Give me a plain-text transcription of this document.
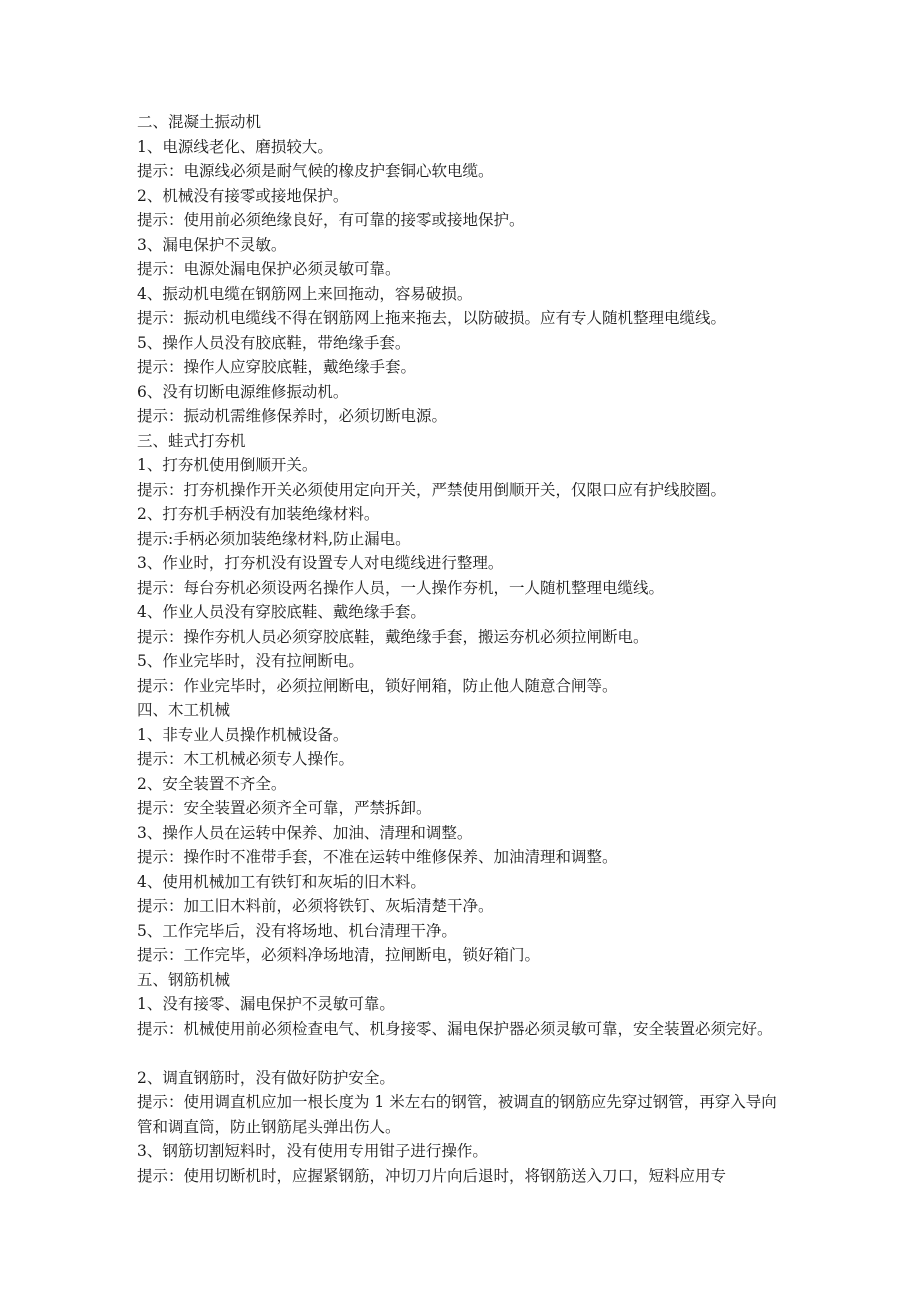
二、混凝土振动机
1、电源线老化、磨损较大。
提示：电源线必须是耐气候的橡皮护套铜心软电缆。
2、机械没有接零或接地保护。
提示：使用前必须绝缘良好，有可靠的接零或接地保护。
3、漏电保护不灵敏。
提示：电源处漏电保护必须灵敏可靠。
4、振动机电缆在钢筋网上来回拖动，容易破损。
提示：振动机电缆线不得在钢筋网上拖来拖去，以防破损。应有专人随机整理电缆线。
5、操作人员没有胶底鞋，带绝缘手套。
提示：操作人应穿胶底鞋，戴绝缘手套。
6、没有切断电源维修振动机。
提示：振动机需维修保养时，必须切断电源。
三、蛙式打夯机
1、打夯机使用倒顺开关。
提示：打夯机操作开关必须使用定向开关，严禁使用倒顺开关，仅限口应有护线胶圈。
2、打夯机手柄没有加装绝缘材料。
提示:手柄必须加装绝缘材料,防止漏电。
3、作业时，打夯机没有设置专人对电缆线进行整理。
提示：每台夯机必须设两名操作人员，一人操作夯机，一人随机整理电缆线。
4、作业人员没有穿胶底鞋、戴绝缘手套。
提示：操作夯机人员必须穿胶底鞋，戴绝缘手套，搬运夯机必须拉闸断电。
5、作业完毕时，没有拉闸断电。
提示：作业完毕时，必须拉闸断电，锁好闸箱，防止他人随意合闸等。
四、木工机械
1、非专业人员操作机械设备。
提示：木工机械必须专人操作。
2、安全装置不齐全。
提示：安全装置必须齐全可靠，严禁拆卸。
3、操作人员在运转中保养、加油、清理和调整。
提示：操作时不准带手套，不准在运转中维修保养、加油清理和调整。
4、使用机械加工有铁钉和灰垢的旧木料。
提示：加工旧木料前，必须将铁钉、灰垢清楚干净。
5、工作完毕后，没有将场地、机台清理干净。
提示：工作完毕，必须料净场地清，拉闸断电，锁好箱门。
五、钢筋机械
1、没有接零、漏电保护不灵敏可靠。
提示：机械使用前必须检查电气、机身接零、漏电保护器必须灵敏可靠，安全装置必须完好。
2、调直钢筋时，没有做好防护安全。
提示：使用调直机应加一根长度为 1 米左右的钢管，被调直的钢筋应先穿过钢管，再穿入导向管和调直筒，防止钢筋尾头弹出伤人。
3、钢筋切割短料时，没有使用专用钳子进行操作。
提示：使用切断机时，应握紧钢筋，冲切刀片向后退时，将钢筋送入刀口，短料应用专
